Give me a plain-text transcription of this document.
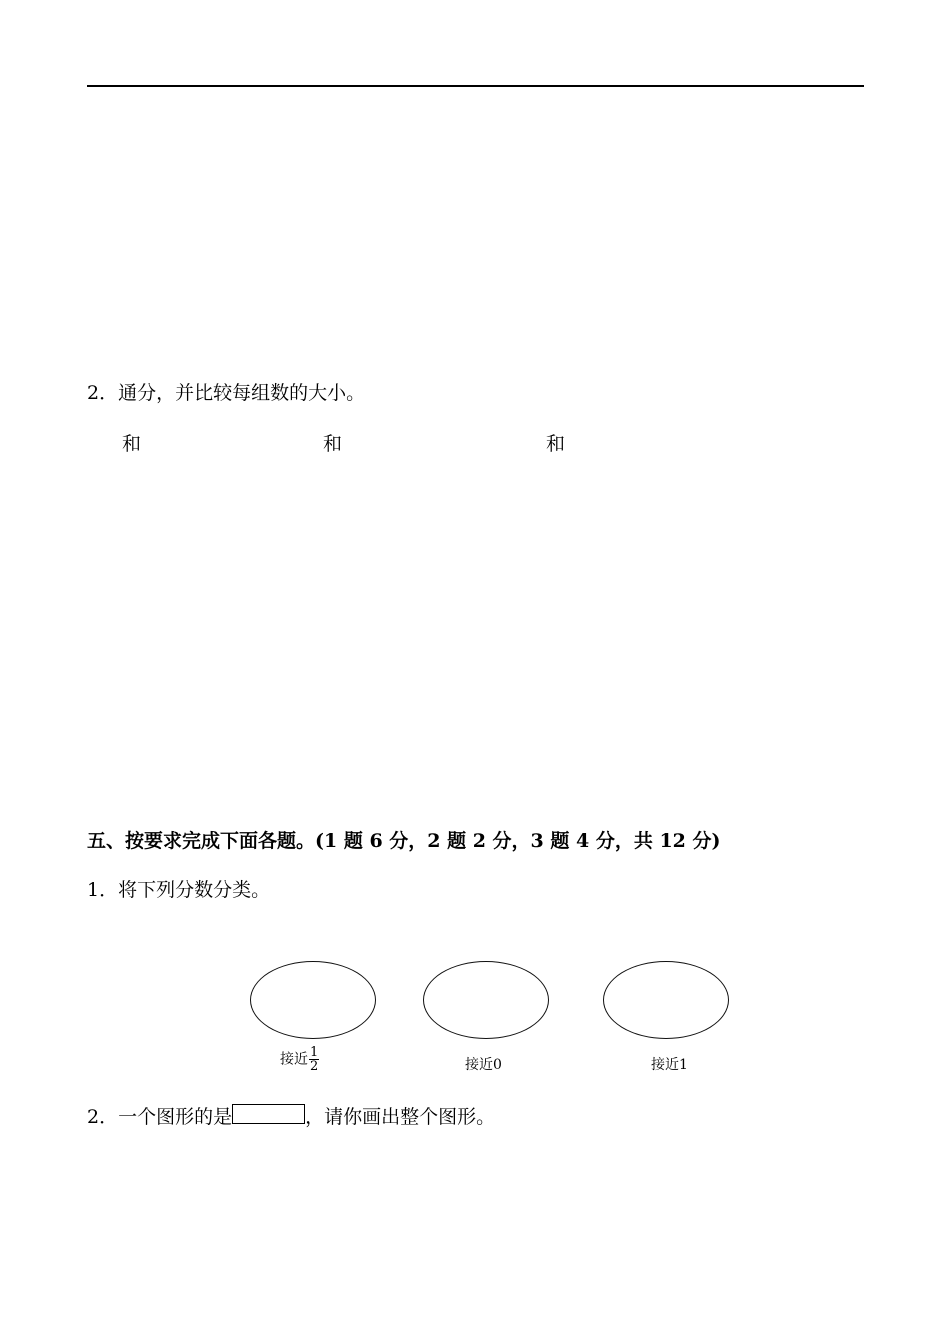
2．通分，并比较每组数的大小。
和	和	和
五、按要求完成下面各题。(1 题 6 分，2 题 2 分，3 题 4 分，共 12 分)
1．将下列分数分类。
接近 $\frac{1}{2}$	接近0	接近1
2．一个图形的是	，请你画出整个图形。
